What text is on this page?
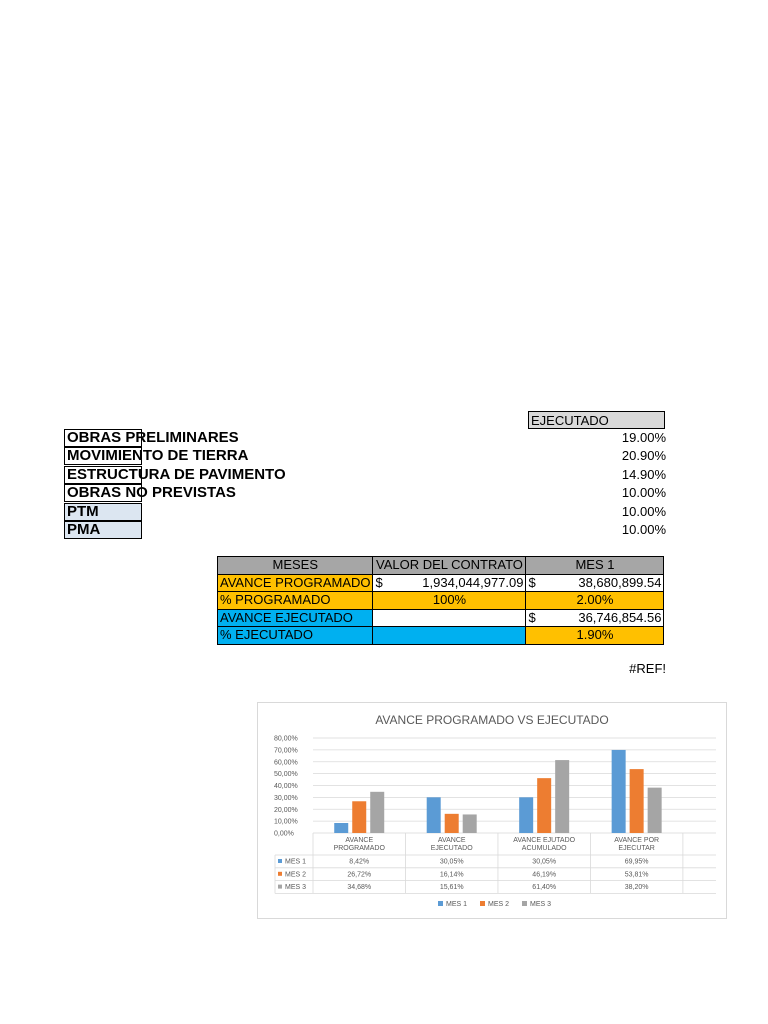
EJECUTADO
OBRAS PRELIMINARES	19.00%
MOVIMIENTO DE TIERRA	20.90%
ESTRUCTURA DE PAVIMENTO	14.90%
OBRAS NO PREVISTAS	10.00%
PTM	10.00%
PMA	10.00%
MESES	VALOR DEL CONTRATO	MES 1
AVANCE PROGRAMADO	$ 1,934,044,977.09	$ 38,680,899.54

% PROGRAMADO	100%	2.00%
AVANCE EJECUTADO		$ 36,746,854.56

% EJECUTADO		1.90%
#REF!
AVANCE PROGRAMADO VS EJECUTADO
80,00%
70,00%
60,00%
50,00%
40,00%
30,00%
20,00%
10,00%
0,00%
AVANCE
PROGRAMADO
AVANCE
EJECUTADO
AVANCE EJUTADO
ACUMULADO
AVANCE POR
EJECUTAR
MES 1	8,42%	30,05%	30,05%	69,95%
MES 2	26,72%	16,14%	46,19%	53,81%
MES 3	34,68%	15,61%	61,40%	38,20%
MES 1	MES 2	MES 3
